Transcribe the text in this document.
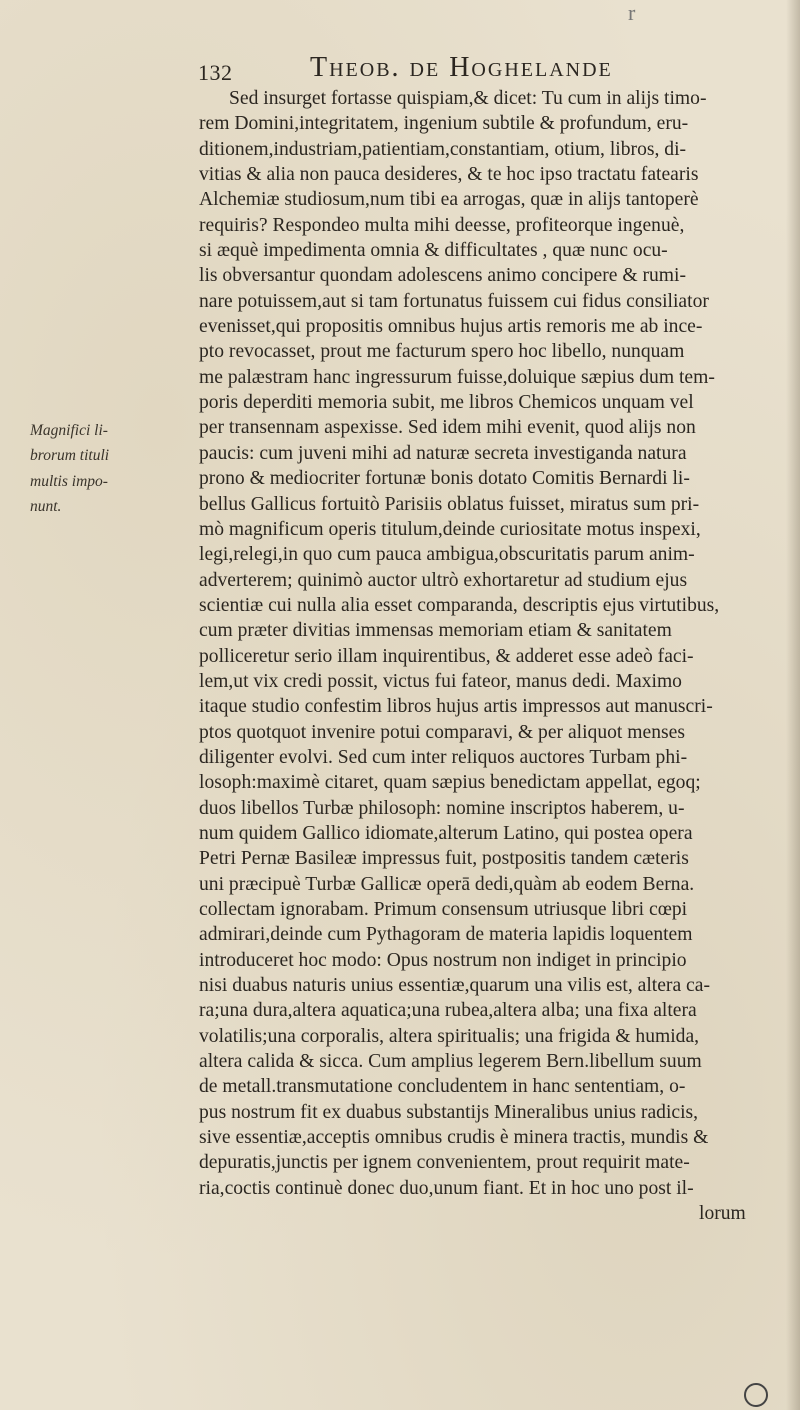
r
132	Theob. de Hoghelande
Magnifici li-
brorum tituli
multis impo-
nunt.
Sed insurget fortasse quispiam,& dicet: Tu cum in alijs timo-
rem Domini,integritatem, ingenium subtile & profundum, eru-
ditionem,industriam,patientiam,constantiam, otium, libros, di-
vitias & alia non pauca desideres, & te hoc ipso tractatu fatearis
Alchemiæ studiosum,num tibi ea arrogas, quæ in alijs tantoperè
requiris? Respondeo multa mihi deesse, profiteorque ingenuè,
si æquè impedimenta omnia & difficultates , quæ nunc ocu-
lis obversantur quondam adolescens animo concipere & rumi-
nare potuissem,aut si tam fortunatus fuissem cui fidus consiliator
evenisset,qui propositis omnibus hujus artis remoris me ab ince-
pto revocasset, prout me facturum spero hoc libello, nunquam
me palæstram hanc ingressurum fuisse,doluique sæpius dum tem-
poris deperditi memoria subit, me libros Chemicos unquam vel
per transennam aspexisse. Sed idem mihi evenit, quod alijs non
paucis: cum juveni mihi ad naturæ secreta investiganda natura
prono & mediocriter fortunæ bonis dotato Comitis Bernardi li-
bellus Gallicus fortuitò Parisiis oblatus fuisset, miratus sum pri-
mò magnificum operis titulum,deinde curiositate motus inspexi,
legi,relegi,in quo cum pauca ambigua,obscuritatis parum anim-
adverterem; quinimò auctor ultrò exhortaretur ad studium ejus
scientiæ cui nulla alia esset comparanda, descriptis ejus virtutibus,
cum præter divitias immensas memoriam etiam & sanitatem
polliceretur serio illam inquirentibus, & adderet esse adeò faci-
lem,ut vix credi possit, victus fui fateor, manus dedi. Maximo
itaque studio confestim libros hujus artis impressos aut manuscri-
ptos quotquot invenire potui comparavi, & per aliquot menses
diligenter evolvi. Sed cum inter reliquos auctores Turbam phi-
losoph:maximè citaret, quam sæpius benedictam appellat, egoq;
duos libellos Turbæ philosoph: nomine inscriptos haberem, u-
num quidem Gallico idiomate,alterum Latino, qui postea opera
Petri Pernæ Basileæ impressus fuit, postpositis tandem cæteris
uni præcipuè Turbæ Gallicæ operā dedi,quàm ab eodem Berna.
collectam ignorabam. Primum consensum utriusque libri cœpi
admirari,deinde cum Pythagoram de materia lapidis loquentem
introduceret hoc modo: Opus nostrum non indiget in principio
nisi duabus naturis unius essentiæ,quarum una vilis est, altera ca-
ra;una dura,altera aquatica;una rubea,altera alba; una fixa altera
volatilis;una corporalis, altera spiritualis; una frigida & humida,
altera calida & sicca. Cum amplius legerem Bern.libellum suum
de metall.transmutatione concludentem in hanc sententiam, o-
pus nostrum fit ex duabus substantijs Mineralibus unius radicis,
sive essentiæ,acceptis omnibus crudis è minera tractis, mundis &
depuratis,junctis per ignem convenientem, prout requirit mate-
ria,coctis continuè donec duo,unum fiant. Et in hoc uno post il-
lorum
